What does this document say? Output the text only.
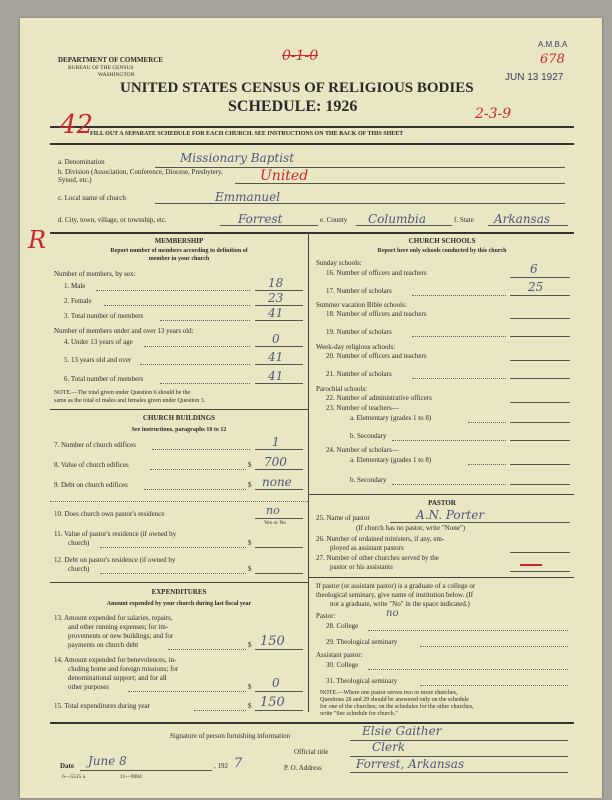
DEPARTMENT OF COMMERCE
BUREAU OF THE CENSUS
WASHINGTON
UNITED STATES CENSUS OF RELIGIOUS BODIES
SCHEDULE: 1926
FILL OUT A SEPARATE SCHEDULE FOR EACH CHURCH. SEE INSTRUCTIONS ON THE BACK OF THIS SHEET
A.M.B.A
JUN 13 1927
678
0-1-0
42	2-3-9
R
a. Denomination	Missionary Baptist
b. Division (Association, Conference, Diocese, Presbytery, Synod, etc.)	United
c. Local name of church	Emmanuel
d. City, town, village, or township, etc.	Forrest	e. County Columbia	f. State Arkansas
MEMBERSHIP
Report number of members according to definition of
member in your church
Number of members, by sex:
1. Male	18
2. Female	23
3. Total number of members	41
Number of members under and over 13 years old:
4. Under 13 years of age	0
5. 13 years old and over	41
6. Total number of members	41
NOTE.—The total given under Question 6 should be the
same as the total of males and females given under Question 3.
CHURCH BUILDINGS
See instructions, paragraphs 10 to 12
7. Number of church edifices	1
8. Value of church edifices	$ 700
9. Debt on church edifices	$ none
10. Does church own pastor's residence	no
Yes or No
11. Value of pastor's residence (if owned by
church)	$
12. Debt on pastor's residence (if owned by
church)	$
EXPENDITURES
Amount expended by your church during last fiscal year
13. Amount expended for salaries, repairs,
and other running expenses; for im-
provements or new buildings; and for
payments on church debt	$ 150
14. Amount expended for benevolences, in-
cluding home and foreign missions; for
denominational support; and for all
other purposes	$ 0
15. Total expenditures during year	$ 150
CHURCH SCHOOLS
Report here only schools conducted by this church
Sunday schools:
16. Number of officers and teachers	6
17. Number of scholars	25
Summer vacation Bible schools:
18. Number of officers and teachers
19. Number of scholars
Week-day religious schools:
20. Number of officers and teachers
21. Number of scholars
Parochial schools:
22. Number of administrative officers
23. Number of teachers—
a. Elementary (grades 1 to 8)
b. Secondary
24. Number of scholars—
a. Elementary (grades 1 to 8)
b. Secondary
PASTOR
25. Name of pastor	A.N. Porter
(If church has no pastor, write "None")
26. Number of ordained ministers, if any, em-
ployed as assistant pastors
27. Number of other churches served by the
pastor or his assistants
If pastor (or assistant pastor) is a graduate of a college or
theological seminary, give name of institution below. (If
not a graduate, write "No" in the space indicated.)
Pastor:
28. College
no
29. Theological seminary
Assistant pastor:
30. College
31. Theological seminary
NOTE.—Where one pastor serves two or more churches,
Questions 28 and 29 should be answered only on the schedule
for one of the churches; on the schedules for the other churches,
write "See schedule for church."
Signature of person furnishing information	Elsie Gaither
Official title	Clerk
Date June 8	, 192 7	P. O. Address	Forrest, Arkansas
6—5515 a	11—9084
